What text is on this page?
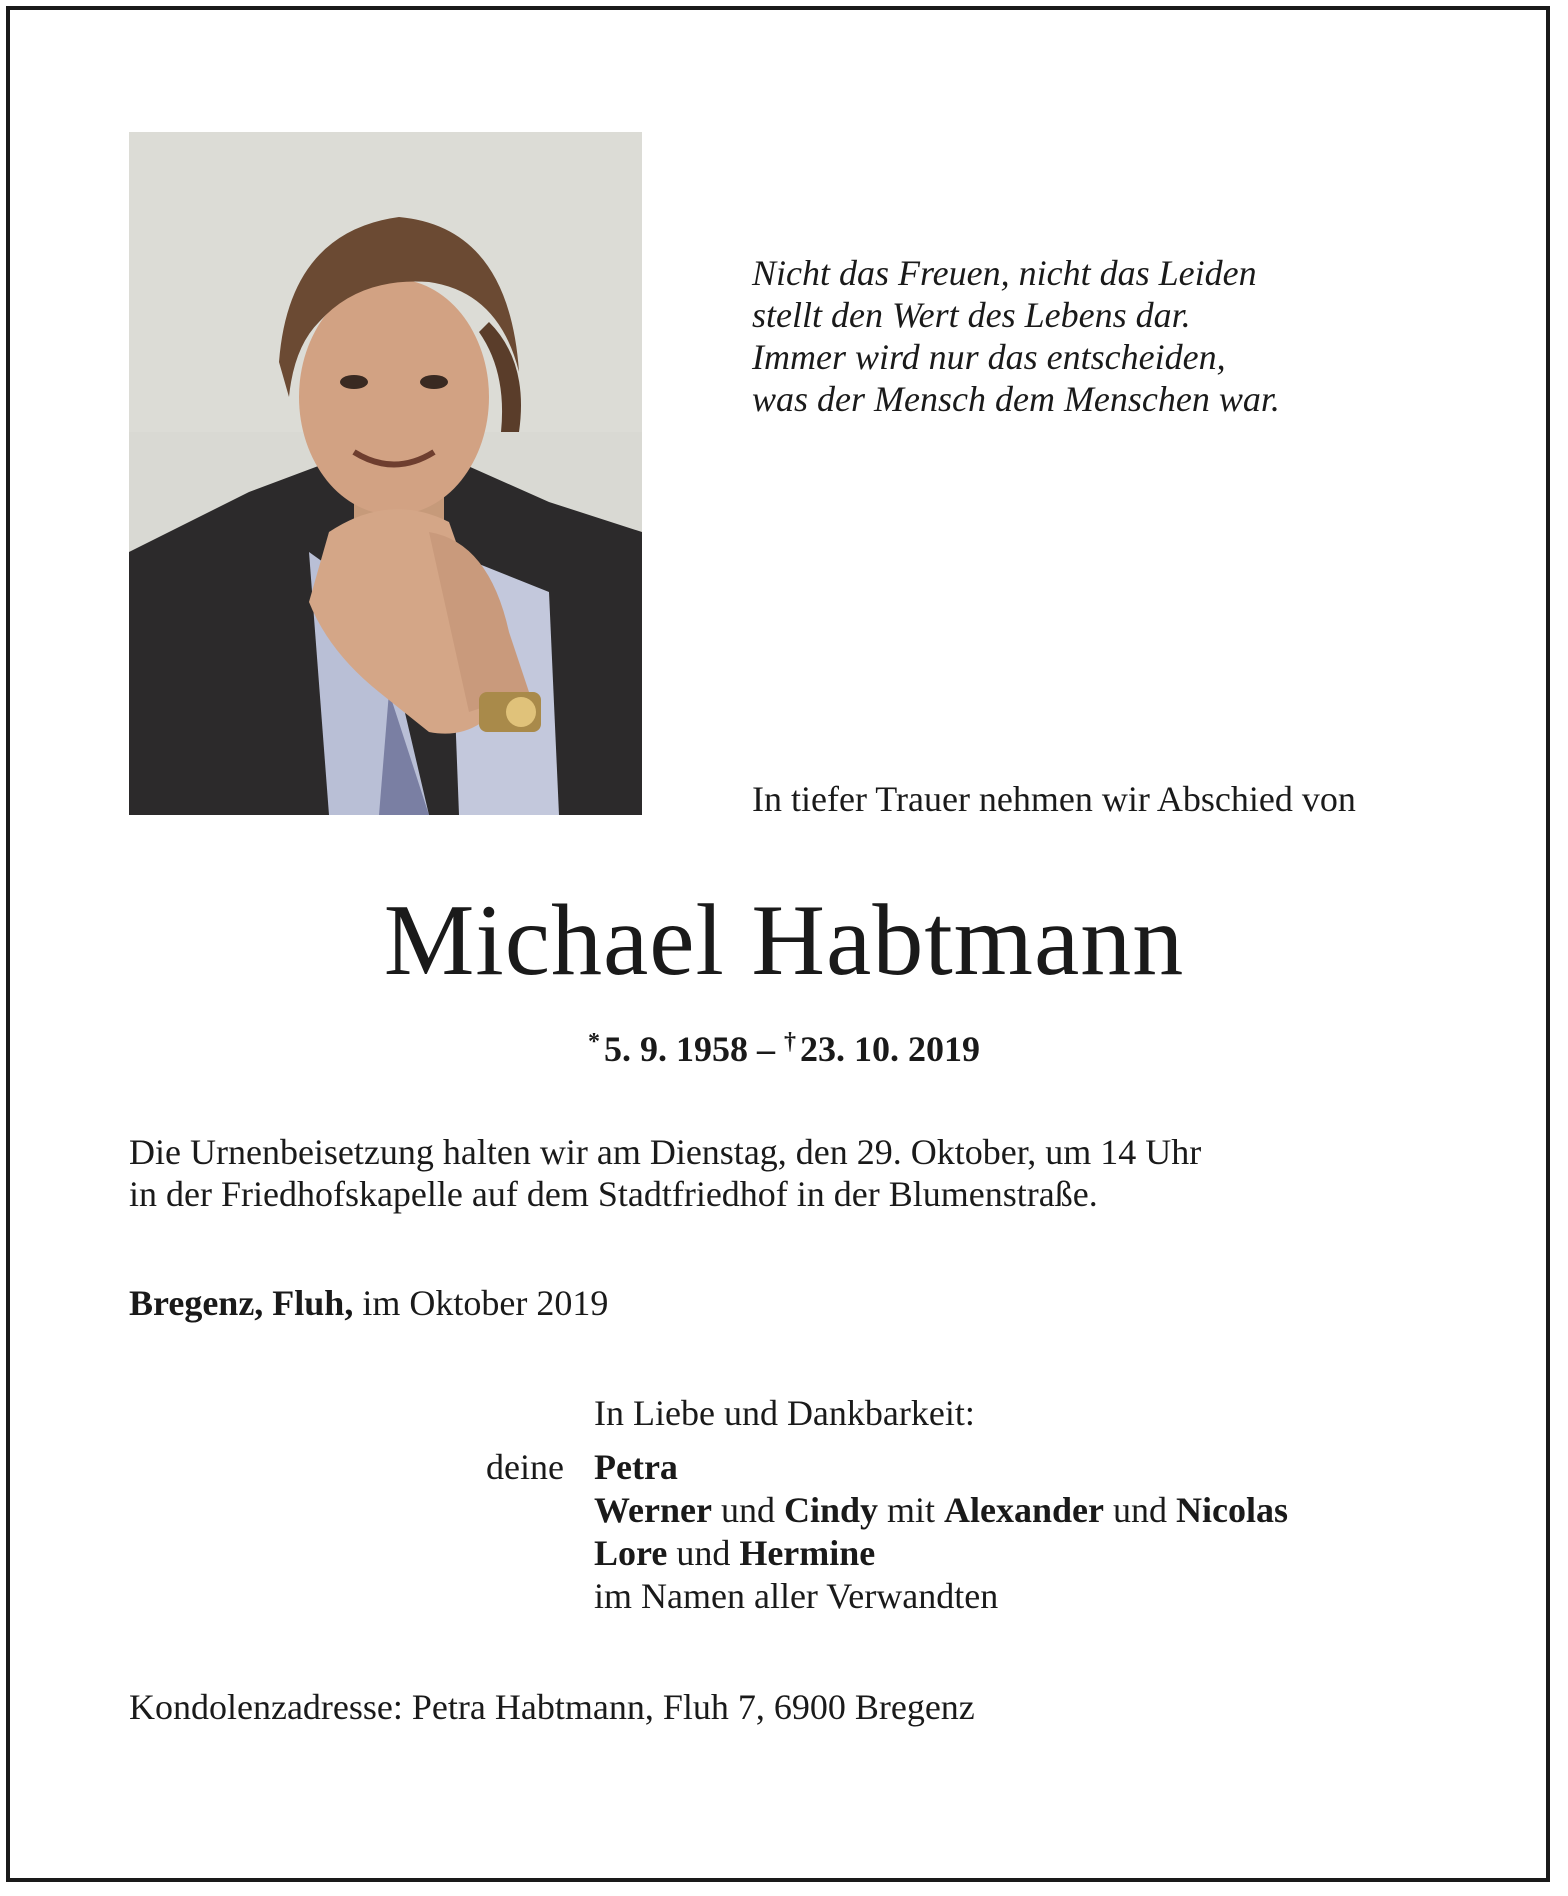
Nicht das Freuen, nicht das Leiden
stellt den Wert des Lebens dar.
Immer wird nur das entscheiden,
was der Mensch dem Menschen war.
In tiefer Trauer nehmen wir Abschied von
Michael Habtmann
* 5. 9. 1958 – † 23. 10. 2019
Die Urnenbeisetzung halten wir am Dienstag, den 29. Oktober, um 14 Uhr
in der Friedhofskapelle auf dem Stadtfriedhof in der Blumenstraße.
Bregenz, Fluh, im Oktober 2019
In Liebe und Dankbarkeit:
deine Petra
Werner und Cindy mit Alexander und Nicolas
Lore und Hermine
im Namen aller Verwandten
Kondolenzadresse: Petra Habtmann, Fluh 7, 6900 Bregenz
